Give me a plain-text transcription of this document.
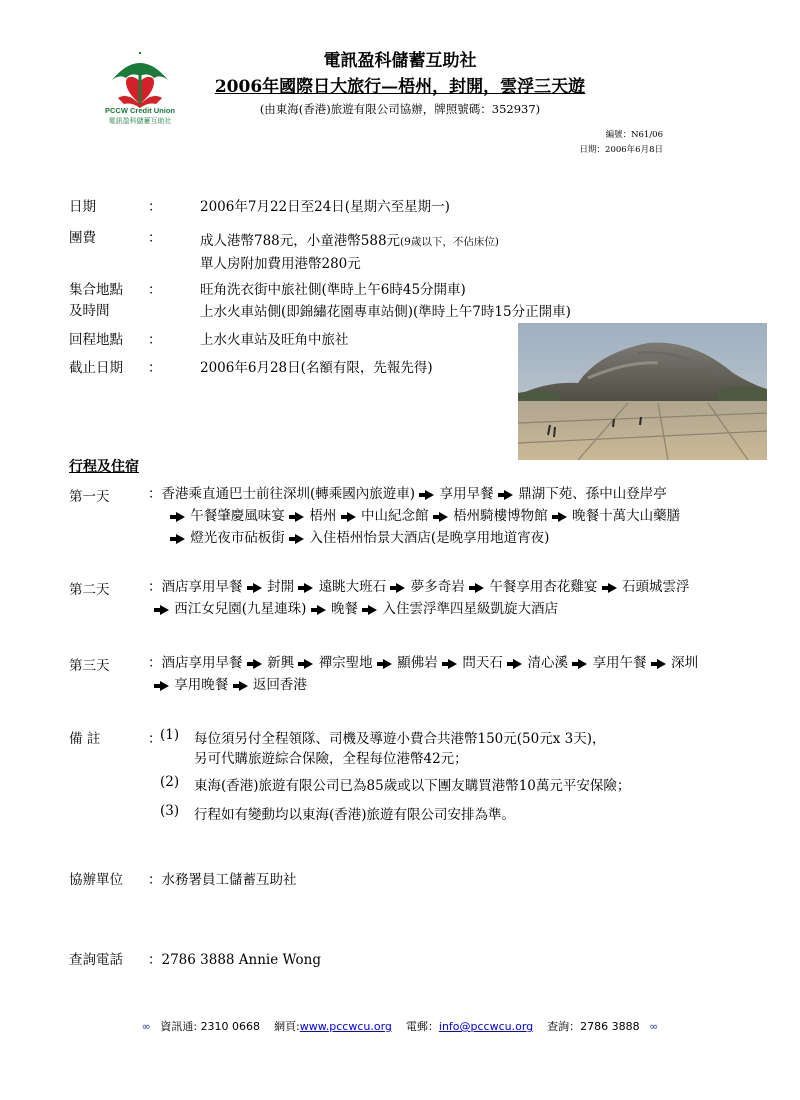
PCCW Credit Union
電訊盈科儲蓄互助社
電訊盈科儲蓄互助社
2006年國際日大旅行—梧州，封開，雲浮三天遊
(由東海(香港)旅遊有限公司協辦，牌照號碼：352937)
編號：N61/06
日期：2006年6月8日
日期	：	2006年7月22日至24日(星期六至星期一)
團費	：	成人港幣788元，小童港幣588元(9歲以下，不佔床位)
單人房附加費用港幣280元
集合地點
及時間
：	旺角洗衣街中旅社側(準時上午6時45分開車)
上水火車站側(即錦繡花園專車站側)(準時上午7時15分正開車)
回程地點 ：	上水火車站及旺角中旅社
截止日期 ：	2006年6月28日(名額有限，先報先得)
行程及住宿
第一天	：香港乘直通巴士前往深圳(轉乘國內旅遊車) 享用早餐 鼎湖下苑、孫中山登岸亭
午餐肇慶風味宴 梧州 中山紀念館 梧州騎樓博物館 晚餐十萬大山藥膳
燈光夜市砧板街 入住梧州怡景大酒店(是晚享用地道宵夜)
第二天	：酒店享用早餐 封開 遠眺大班石 夢多奇岩 午餐享用杏花雞宴 石頭城雲浮
西江女兒園(九星連珠) 晚餐 入住雲浮準四星級凱旋大酒店
第三天	：酒店享用早餐 新興 禪宗聖地 顯佛岩 問天石 清心溪 享用午餐 深圳
享用晚餐 返回香港
備 註	：
(1) 每位須另付全程領隊、司機及導遊小費合共港幣150元(50元x 3天)，
另可代購旅遊綜合保險，全程每位港幣42元；
(2) 東海(香港)旅遊有限公司已為85歲或以下團友購買港幣10萬元平安保險；
(3) 行程如有變動均以東海(香港)旅遊有限公司安排為準。
協辦單位 ：水務署員工儲蓄互助社
查詢電話 ：2786 3888 Annie Wong
∞ 資訊通: 2310 0668 網頁:www.pccwcu.org 電郵：info@pccwcu.org 查詢：2786 3888 ∞
